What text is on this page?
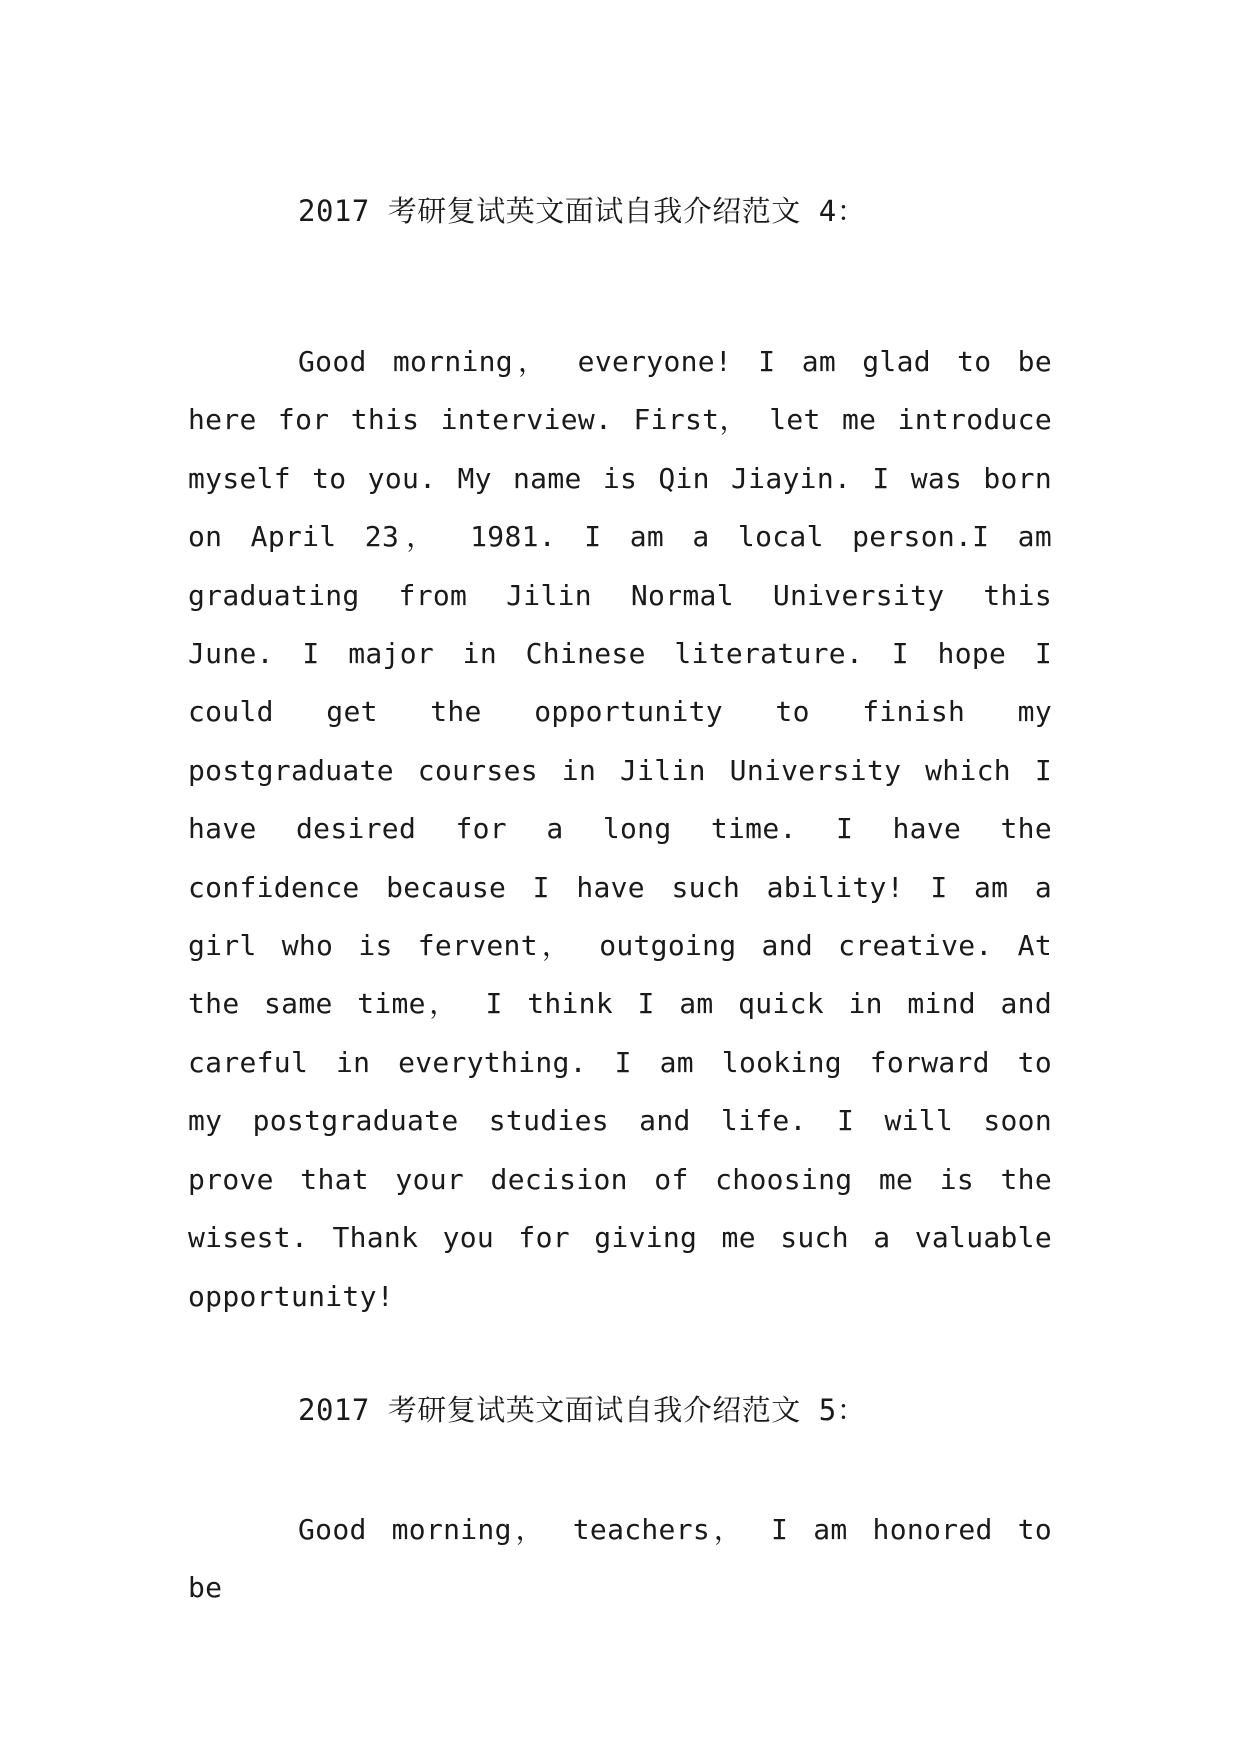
2017 考研复试英文面试自我介绍范文 4：
Good morning， everyone! I am glad to be here for this interview. First， let me introduce myself to you. My name is Qin Jiayin. I was born on April 23， 1981. I am a local person.I am graduating from Jilin Normal University this June. I major in Chinese literature. I hope I could get the opportunity to finish my postgraduate courses in Jilin University which I have desired for a long time. I have the confidence because I have such ability! I am a girl who is fervent， outgoing and creative. At the same time， I think I am quick in mind and careful in everything. I am looking forward to my postgraduate studies and life. I will soon prove that your decision of choosing me is the wisest. Thank you for giving me such a valuable opportunity!
2017 考研复试英文面试自我介绍范文 5：
Good morning， teachers， I am honored to be
